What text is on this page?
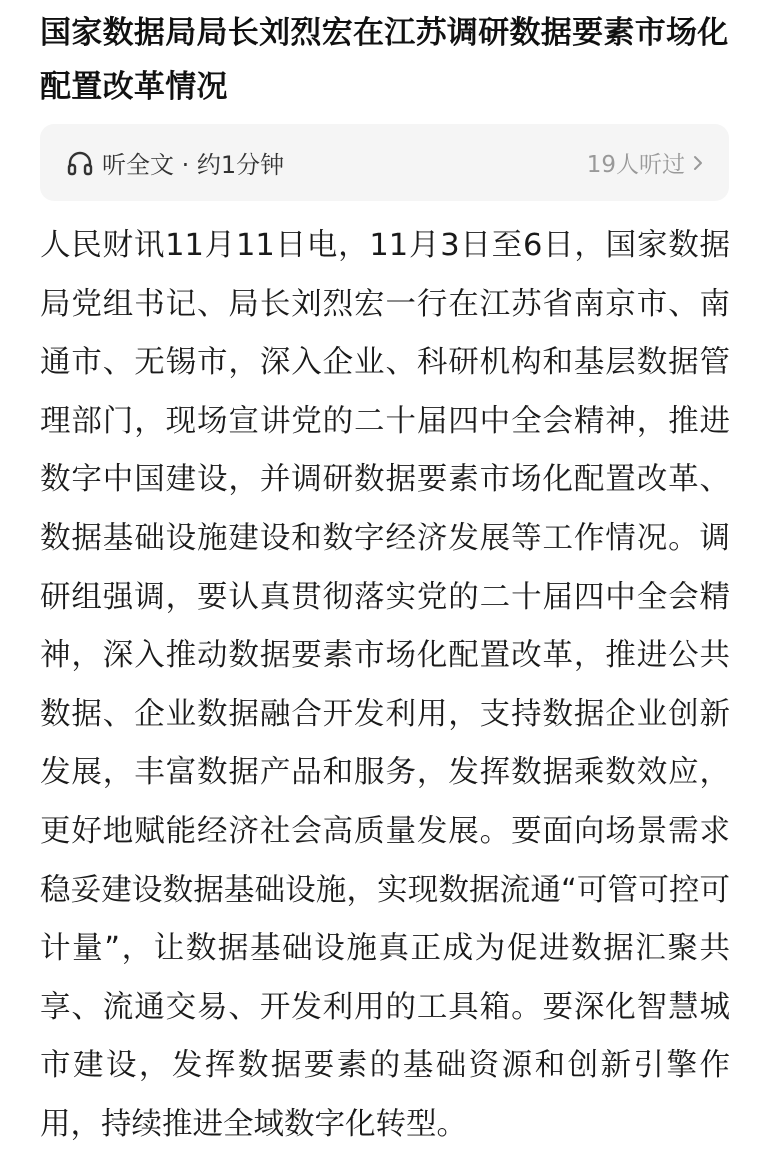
国家数据局局长刘烈宏在江苏调研数据要素市场化配置改革情况
听全文 · 约1分钟	19人听过

人民财讯11月11日电，11月3日至6日，国家数据局党组书记、局长刘烈宏一行在江苏省南京市、南通市、无锡市，深入企业、科研机构和基层数据管理部门，现场宣讲党的二十届四中全会精神，推进数字中国建设，并调研数据要素市场化配置改革、数据基础设施建设和数字经济发展等工作情况。调研组强调，要认真贯彻落实党的二十届四中全会精神，深入推动数据要素市场化配置改革，推进公共数据、企业数据融合开发利用，支持数据企业创新发展，丰富数据产品和服务，发挥数据乘数效应，更好地赋能经济社会高质量发展。要面向场景需求稳妥建设数据基础设施，实现数据流通“可管可控可计量”，让数据基础设施真正成为促进数据汇聚共享、流通交易、开发利用的工具箱。要深化智慧城市建设，发挥数据要素的基础资源和创新引擎作用，持续推进全域数字化转型。
